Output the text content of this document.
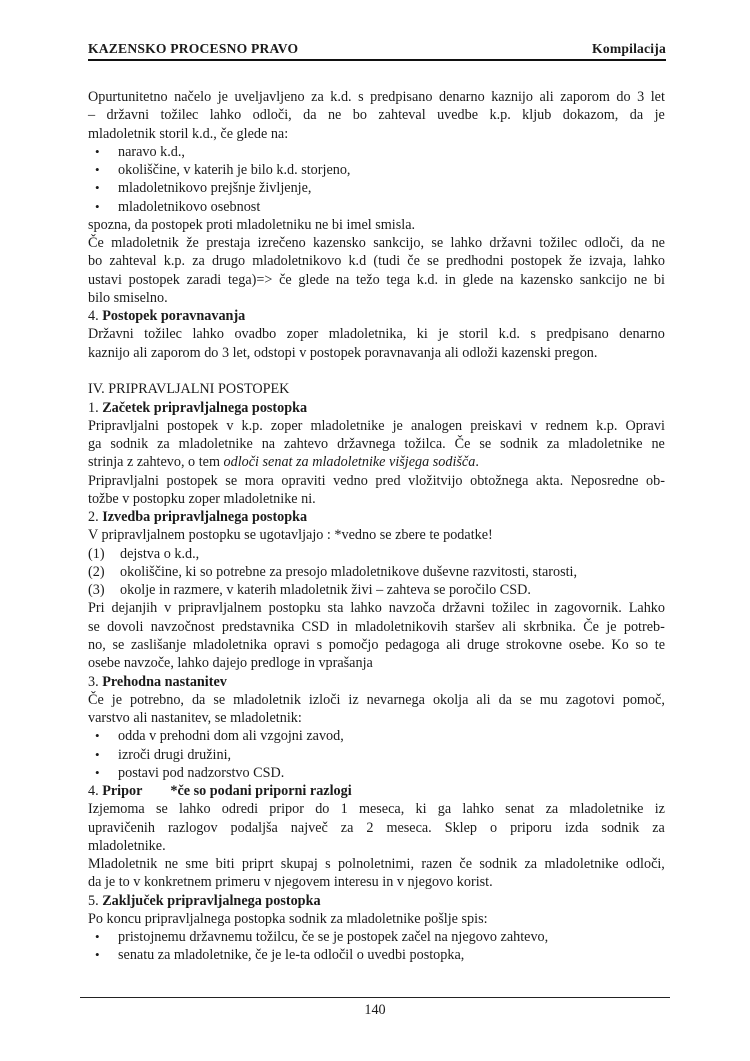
KAZENSKO PROCESNO PRAVO	Kompilacija
Opurtunitetno načelo je uveljavljeno za k.d. s predpisano denarno kaznijo ali zaporom do 3 let
– državni tožilec lahko odloči, da ne bo zahteval uvedbe k.p. kljub dokazom, da je
mladoletnik storil k.d., če glede na:
• naravo k.d.,
• okoliščine, v katerih je bilo k.d. storjeno,
• mladoletnikovo prejšnje življenje,
• mladoletnikovo osebnost
spozna, da postopek proti mladoletniku ne bi imel smisla.
Če mladoletnik že prestaja izrečeno kazensko sankcijo, se lahko državni tožilec odloči, da ne
bo zahteval k.p. za drugo mladoletnikovo k.d (tudi če se predhodni postopek že izvaja, lahko
ustavi postopek zaradi tega)=> če glede na težo tega k.d. in glede na kazensko sankcijo ne bi
bilo smiselno.
4. Postopek poravnavanja
Državni tožilec lahko ovadbo zoper mladoletnika, ki je storil k.d. s predpisano denarno
kaznijo ali zaporom do 3 let, odstopi v postopek poravnavanja ali odloži kazenski pregon.
IV. PRIPRAVLJALNI POSTOPEK
1. Začetek pripravljalnega postopka
Pripravljalni postopek v k.p. zoper mladoletnike je analogen preiskavi v rednem k.p. Opravi
ga sodnik za mladoletnike na zahtevo državnega tožilca. Če se sodnik za mladoletnike ne
strinja z zahtevo, o tem odloči senat za mladoletnike višjega sodišča.
Pripravljalni postopek se mora opraviti vedno pred vložitvijo obtožnega akta. Neposredne ob-
tožbe v postopku zoper mladoletnike ni.
2. Izvedba pripravljalnega postopka
V pripravljalnem postopku se ugotavljajo : *vedno se zbere te podatke!
(1) dejstva o k.d.,
(2) okoliščine, ki so potrebne za presojo mladoletnikove duševne razvitosti, starosti,
(3) okolje in razmere, v katerih mladoletnik živi – zahteva se poročilo CSD.
Pri dejanjih v pripravljalnem postopku sta lahko navzoča državni tožilec in zagovornik. Lahko
se dovoli navzočnost predstavnika CSD in mladoletnikovih staršev ali skrbnika. Če je potreb-
no, se zaslišanje mladoletnika opravi s pomočjo pedagoga ali druge strokovne osebe. Ko so te
osebe navzoče, lahko dajejo predloge in vprašanja
3. Prehodna nastanitev
Če je potrebno, da se mladoletnik izloči iz nevarnega okolja ali da se mu zagotovi pomoč,
varstvo ali nastanitev, se mladoletnik:
• odda v prehodni dom ali vzgojni zavod,
• izroči drugi družini,
• postavi pod nadzorstvo CSD.
4. Pripor *če so podani priporni razlogi
Izjemoma se lahko odredi pripor do 1 meseca, ki ga lahko senat za mladoletnike iz
upravičenih razlogov podaljša največ za 2 meseca. Sklep o priporu izda sodnik za
mladoletnike.
Mladoletnik ne sme biti priprt skupaj s polnoletnimi, razen če sodnik za mladoletnike odloči,
da je to v konkretnem primeru v njegovem interesu in v njegovo korist.
5. Zaključek pripravljalnega postopka
Po koncu pripravljalnega postopka sodnik za mladoletnike pošlje spis:
• pristojnemu državnemu tožilcu, če se je postopek začel na njegovo zahtevo,
• senatu za mladoletnike, če je le-ta odločil o uvedbi postopka,
140
